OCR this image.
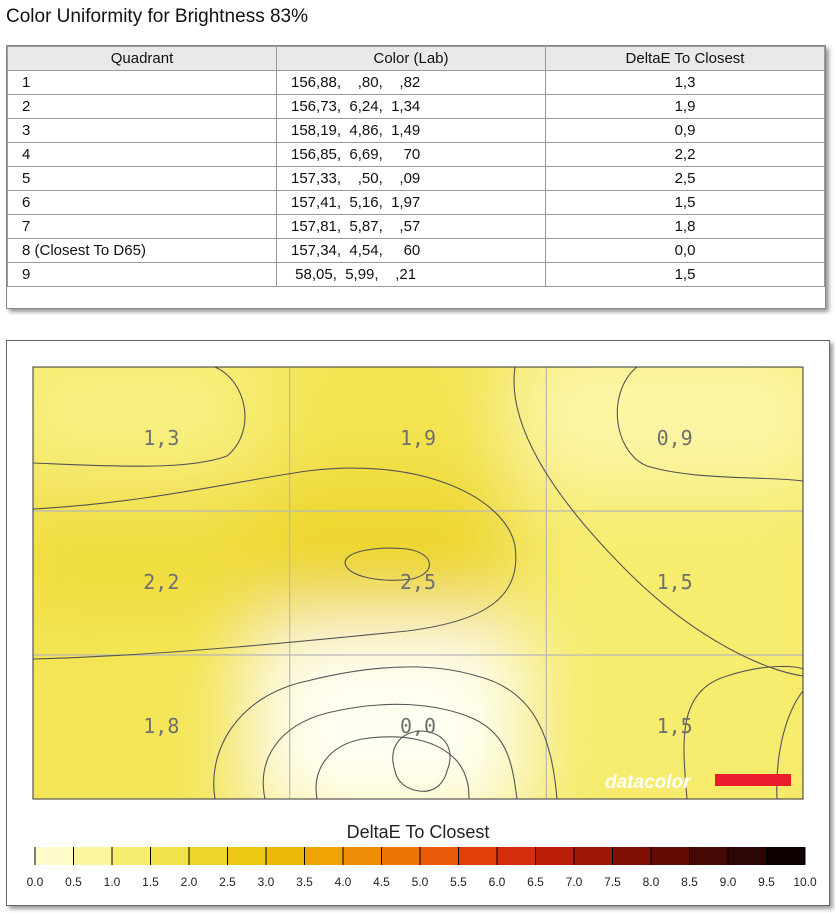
Color Uniformity for Brightness 83%
Quadrant	Color (Lab)	DeltaE To Closest
1	156,88,    ,80,    ,82	1,3
2	156,73,  6,24,  1,34	1,9
3	158,19,  4,86,  1,49	0,9
4	156,85,  6,69,     70	2,2
5	157,33,    ,50,    ,09	2,5
6	157,41,  5,16,  1,97	1,5
7	157,81,  5,87,    ,57	1,8
8 (Closest To D65)	157,34,  4,54,     60	0,0
9	58,05,  5,99,    ,21	1,5
1,3	1,9	0,9
2,2	2,5	1,5
1,8	0,0	1,5
datacolor
DeltaE To Closest
0.0 0.5 1.0 1.5 2.0 2.5 3.0 3.5 4.0 4.5 5.0 5.5 6.0 6.5 7.0 7.5 8.0 8.5 9.0 9.5 10.0
